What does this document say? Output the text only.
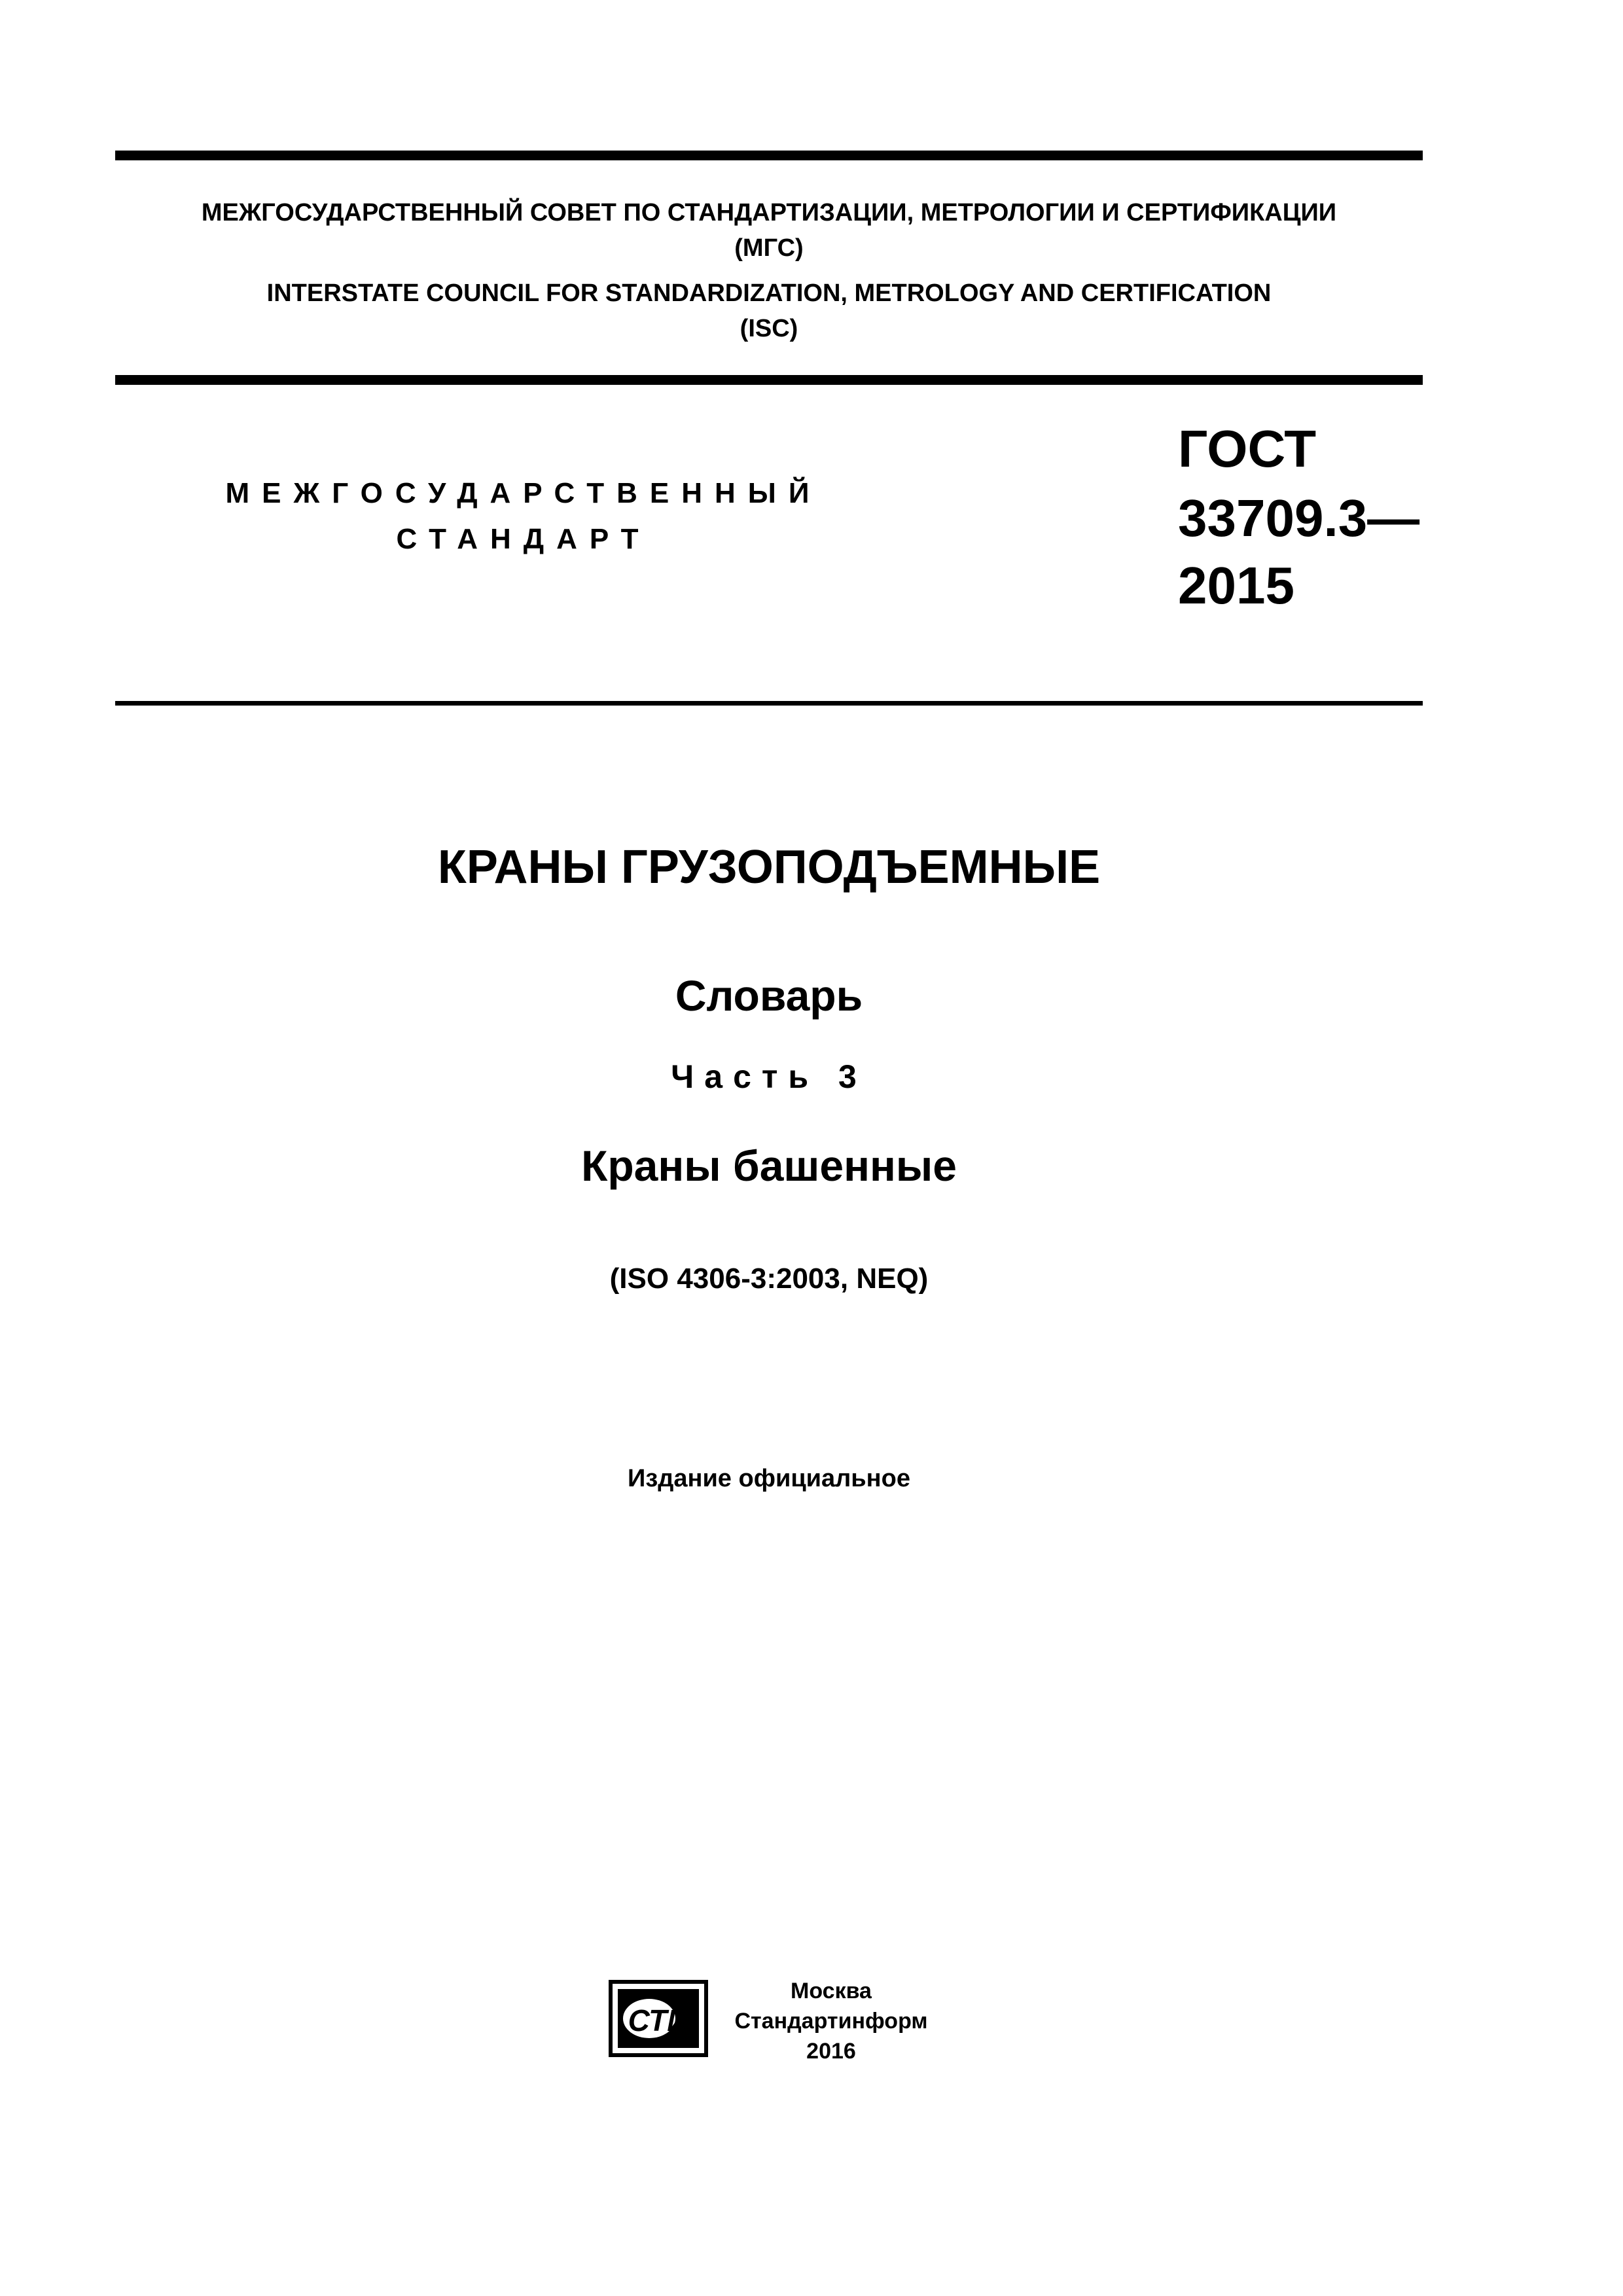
МЕЖГОСУДАРСТВЕННЫЙ СОВЕТ ПО СТАНДАРТИЗАЦИИ, МЕТРОЛОГИИ И СЕРТИФИКАЦИИ
(МГС)
INTERSTATE COUNCIL FOR STANDARDIZATION, METROLOGY AND CERTIFICATION
(ISC)
МЕЖГОСУДАРСТВЕННЫЙ
СТАНДАРТ
ГОСТ
33709.3—
2015
КРАНЫ ГРУЗОПОДЪЕМНЫЕ
Словарь
Часть 3
Краны башенные
(ISO 4306-3:2003, NEQ)
Издание официальное
СТИ
Москва
Стандартинформ
2016
